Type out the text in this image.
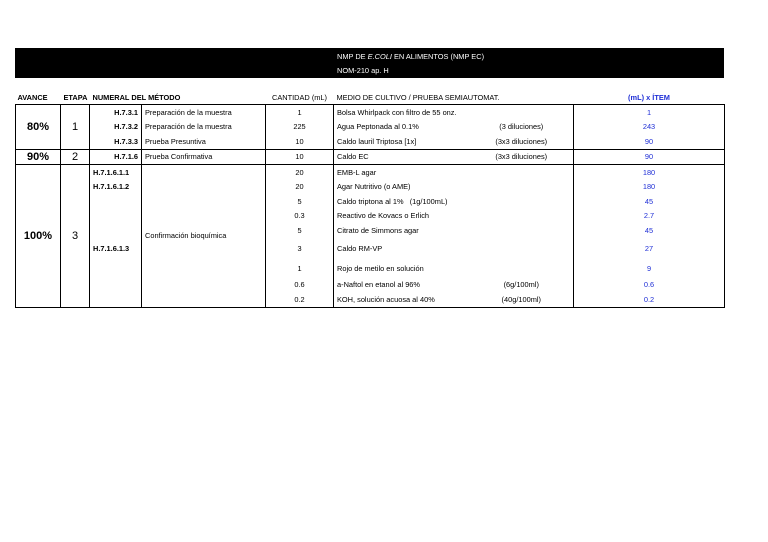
NMP DE E.COLI EN ALIMENTOS (NMP EC)
NOM-210 ap. H
AVANCE	ETAPA	NUMERAL DEL MÉTODO		CANTIDAD (mL)	MEDIO DE CULTIVO / PRUEBA SEMIAUTOMAT.		(mL) x ÍTEM
80%	1	H.7.3.1	Preparación de la muestra	1	Bolsa Whirlpack con filtro de 55 onz.		1
		H.7.3.2	Preparación de la muestra	225	Agua Peptonada al 0.1%	(3 diluciones)	243
		H.7.3.3	Prueba Presuntiva	10	Caldo lauril Triptosa [1x]	(3x3 diluciones)	90
90%	2	H.7.1.6	Prueba Confirmativa	10	Caldo EC	(3x3 diluciones)	90
100%	3	H.7.1.6.1.1	Confirmación bioquímica	20	EMB-L agar		180
		H.7.1.6.1.2		20	Agar Nutritivo (o AME)		180
				5	Caldo triptona al 1%   (1g/100mL)		45
				0.3	Reactivo de Kovacs o Erlich		2.7
				5	Citrato de Simmons agar		45
		H.7.1.6.1.3		3	Caldo RM-VP		27
				1	Rojo de metilo en solución		9
				0.6	a-Naftol en etanol al 96%	(6g/100ml)	0.6
				0.2	KOH, solución acuosa al 40%	(40g/100ml)	0.2
